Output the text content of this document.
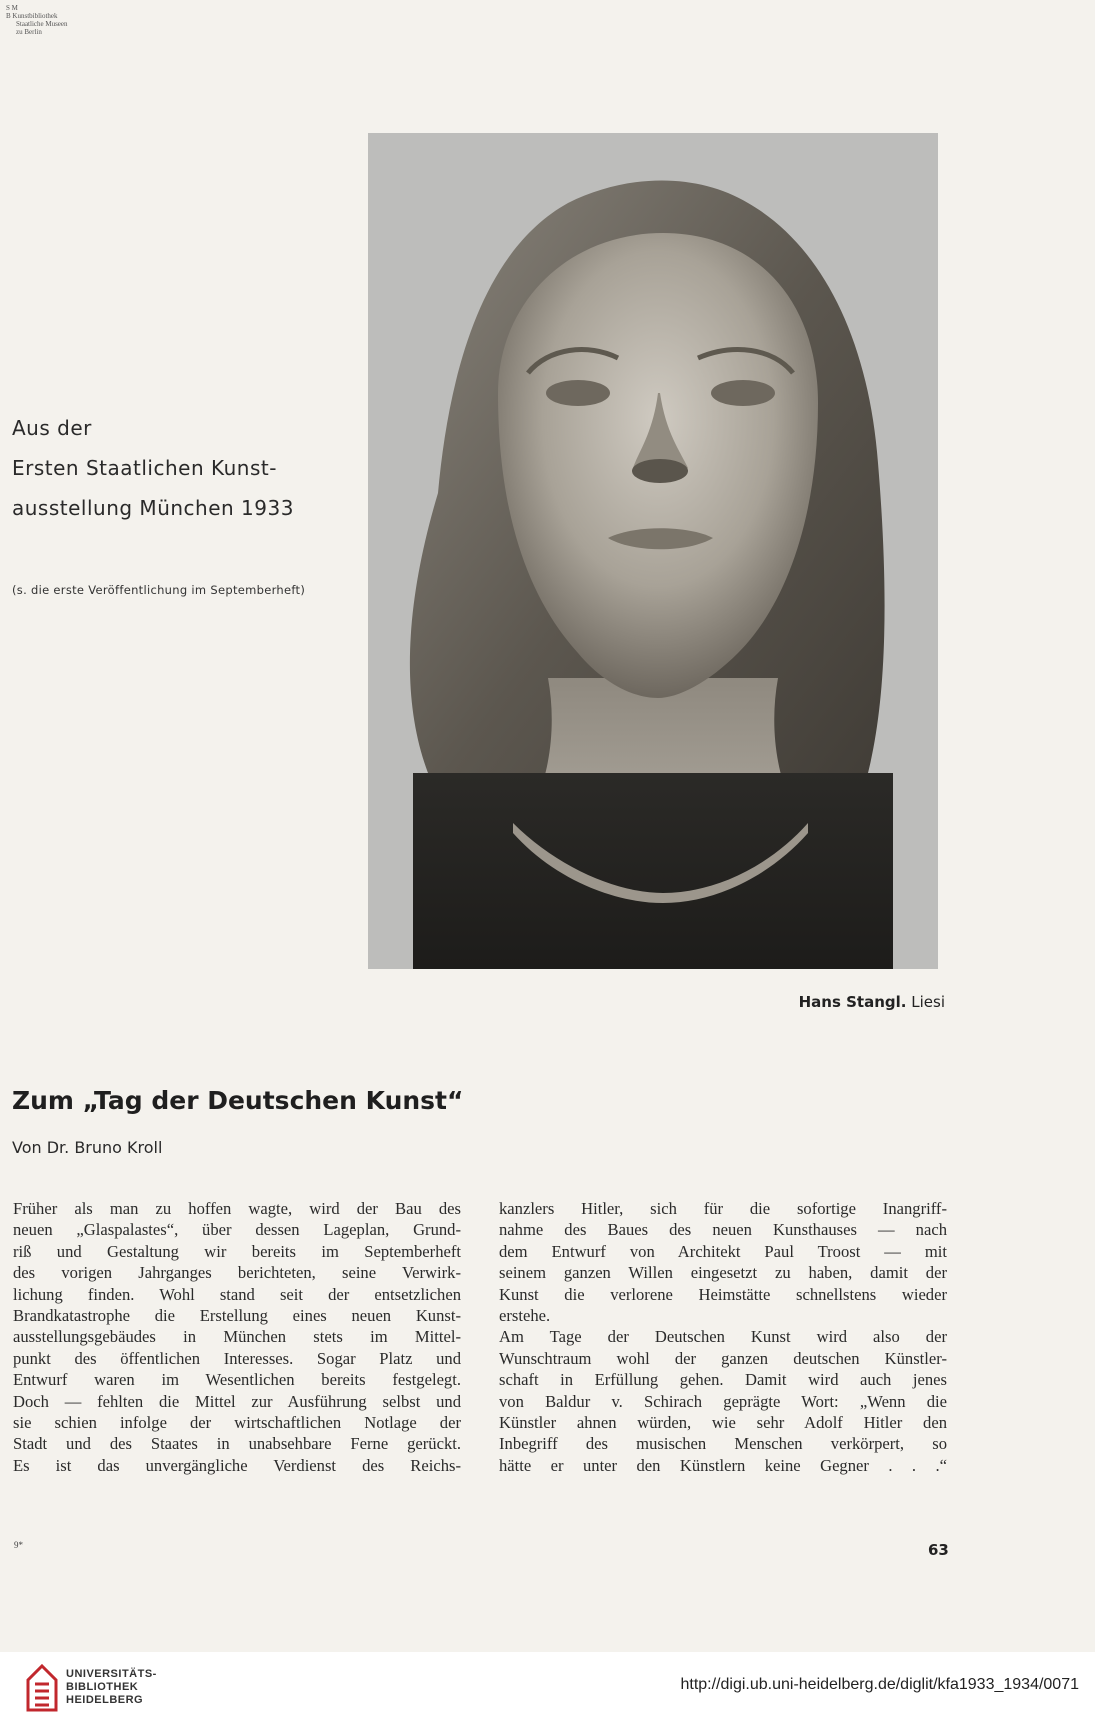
S M
B Kunstbibliothek
Staatliche Museen
zu Berlin
Aus der
Ersten Staatlichen Kunst-
ausstellung München 1933
(s. die erste Veröffentlichung im Septemberheft)
Hans Stangl. Liesi
Zum „Tag der Deutschen Kunst“
Von Dr. Bruno Kroll
Früher als man zu hoffen wagte, wird der Bau des
neuen „Glaspalastes“, über dessen Lageplan, Grund-
riß und Gestaltung wir bereits im Septemberheft
des vorigen Jahrganges berichteten, seine Verwirk-
lichung finden. Wohl stand seit der entsetzlichen
Brandkatastrophe die Erstellung eines neuen Kunst-
ausstellungsgebäudes in München stets im Mittel-
punkt des öffentlichen Interesses. Sogar Platz und
Entwurf waren im Wesentlichen bereits festgelegt.
Doch — fehlten die Mittel zur Ausführung selbst und
sie schien infolge der wirtschaftlichen Notlage der
Stadt und des Staates in unabsehbare Ferne gerückt.
Es ist das unvergängliche Verdienst des Reichs-
kanzlers Hitler, sich für die sofortige Inangriff-
nahme des Baues des neuen Kunsthauses — nach
dem Entwurf von Architekt Paul Troost — mit
seinem ganzen Willen eingesetzt zu haben, damit der
Kunst die verlorene Heimstätte schnellstens wieder
erstehe.
Am Tage der Deutschen Kunst wird also der
Wunschtraum wohl der ganzen deutschen Künstler-
schaft in Erfüllung gehen. Damit wird auch jenes
von Baldur v. Schirach geprägte Wort: „Wenn die
Künstler ahnen würden, wie sehr Adolf Hitler den
Inbegriff des musischen Menschen verkörpert, so
hätte er unter den Künstlern keine Gegner . . .“
9*	63
UNIVERSITÄTS-
BIBLIOTHEK
HEIDELBERG
http://digi.ub.uni-heidelberg.de/diglit/kfa1933_1934/0071
